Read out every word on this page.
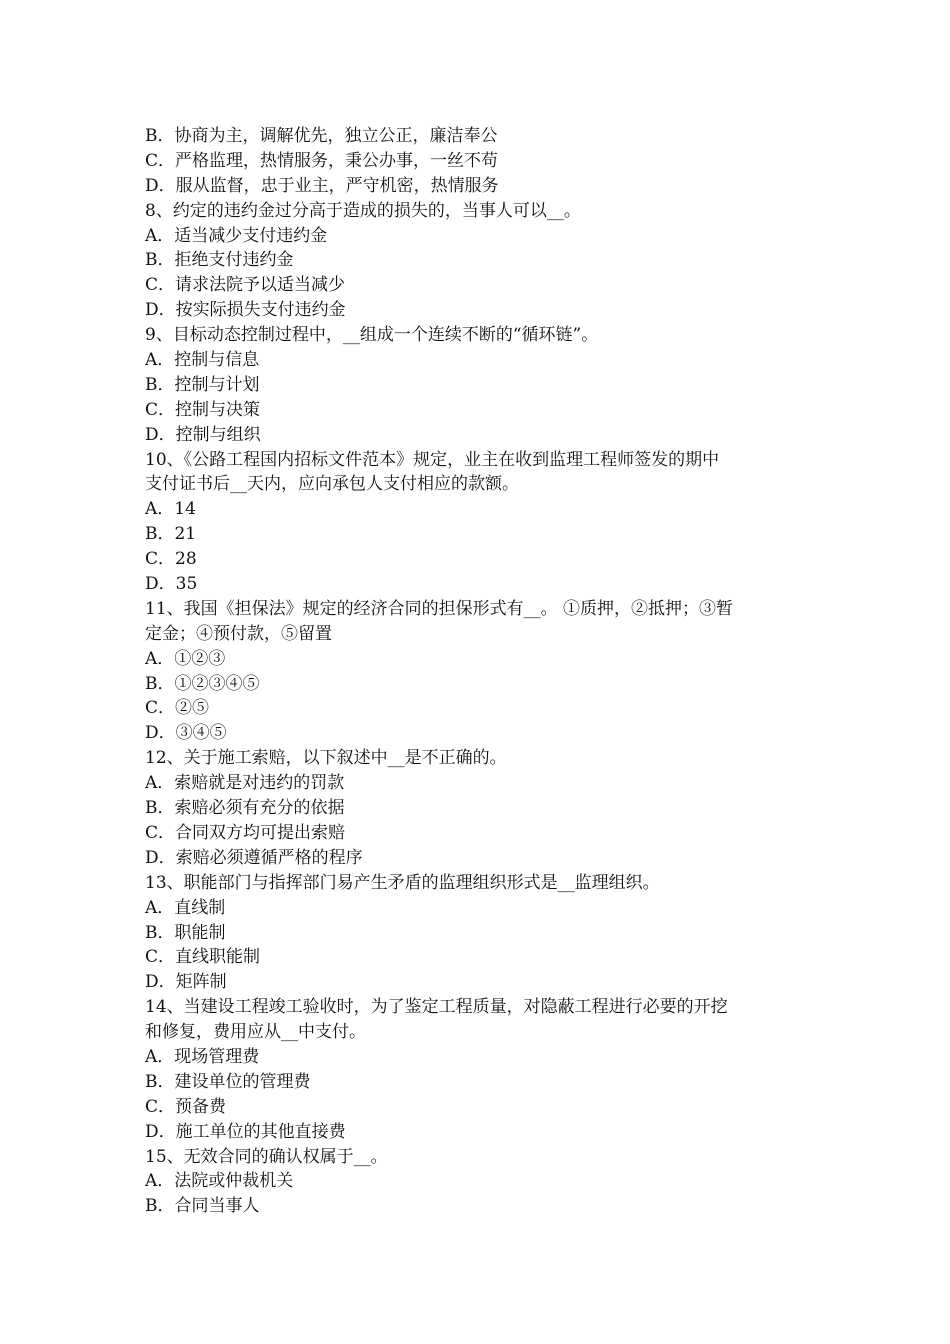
B．协商为主，调解优先，独立公正，廉洁奉公
C．严格监理，热情服务，秉公办事，一丝不苟
D．服从监督，忠于业主，严守机密，热情服务
8、约定的违约金过分高于造成的损失的，当事人可以__。
A．适当减少支付违约金
B．拒绝支付违约金
C．请求法院予以适当减少
D．按实际损失支付违约金
9、目标动态控制过程中，__组成一个连续不断的“循环链”。
A．控制与信息
B．控制与计划
C．控制与决策
D．控制与组织
10、《公路工程国内招标文件范本》规定，业主在收到监理工程师签发的期中
支付证书后__天内，应向承包人支付相应的款额。
A．14
B．21
C．28
D．35
11、我国《担保法》规定的经济合同的担保形式有__。 ①质押，②抵押；③暂
定金；④预付款，⑤留置
A．①②③
B．①②③④⑤
C．②⑤
D．③④⑤
12、关于施工索赔，以下叙述中__是不正确的。
A．索赔就是对违约的罚款
B．索赔必须有充分的依据
C．合同双方均可提出索赔
D．索赔必须遵循严格的程序
13、职能部门与指挥部门易产生矛盾的监理组织形式是__监理组织。
A．直线制
B．职能制
C．直线职能制
D．矩阵制
14、当建设工程竣工验收时，为了鉴定工程质量，对隐蔽工程进行必要的开挖
和修复，费用应从__中支付。
A．现场管理费
B．建设单位的管理费
C．预备费
D．施工单位的其他直接费
15、无效合同的确认权属于__。
A．法院或仲裁机关
B．合同当事人
